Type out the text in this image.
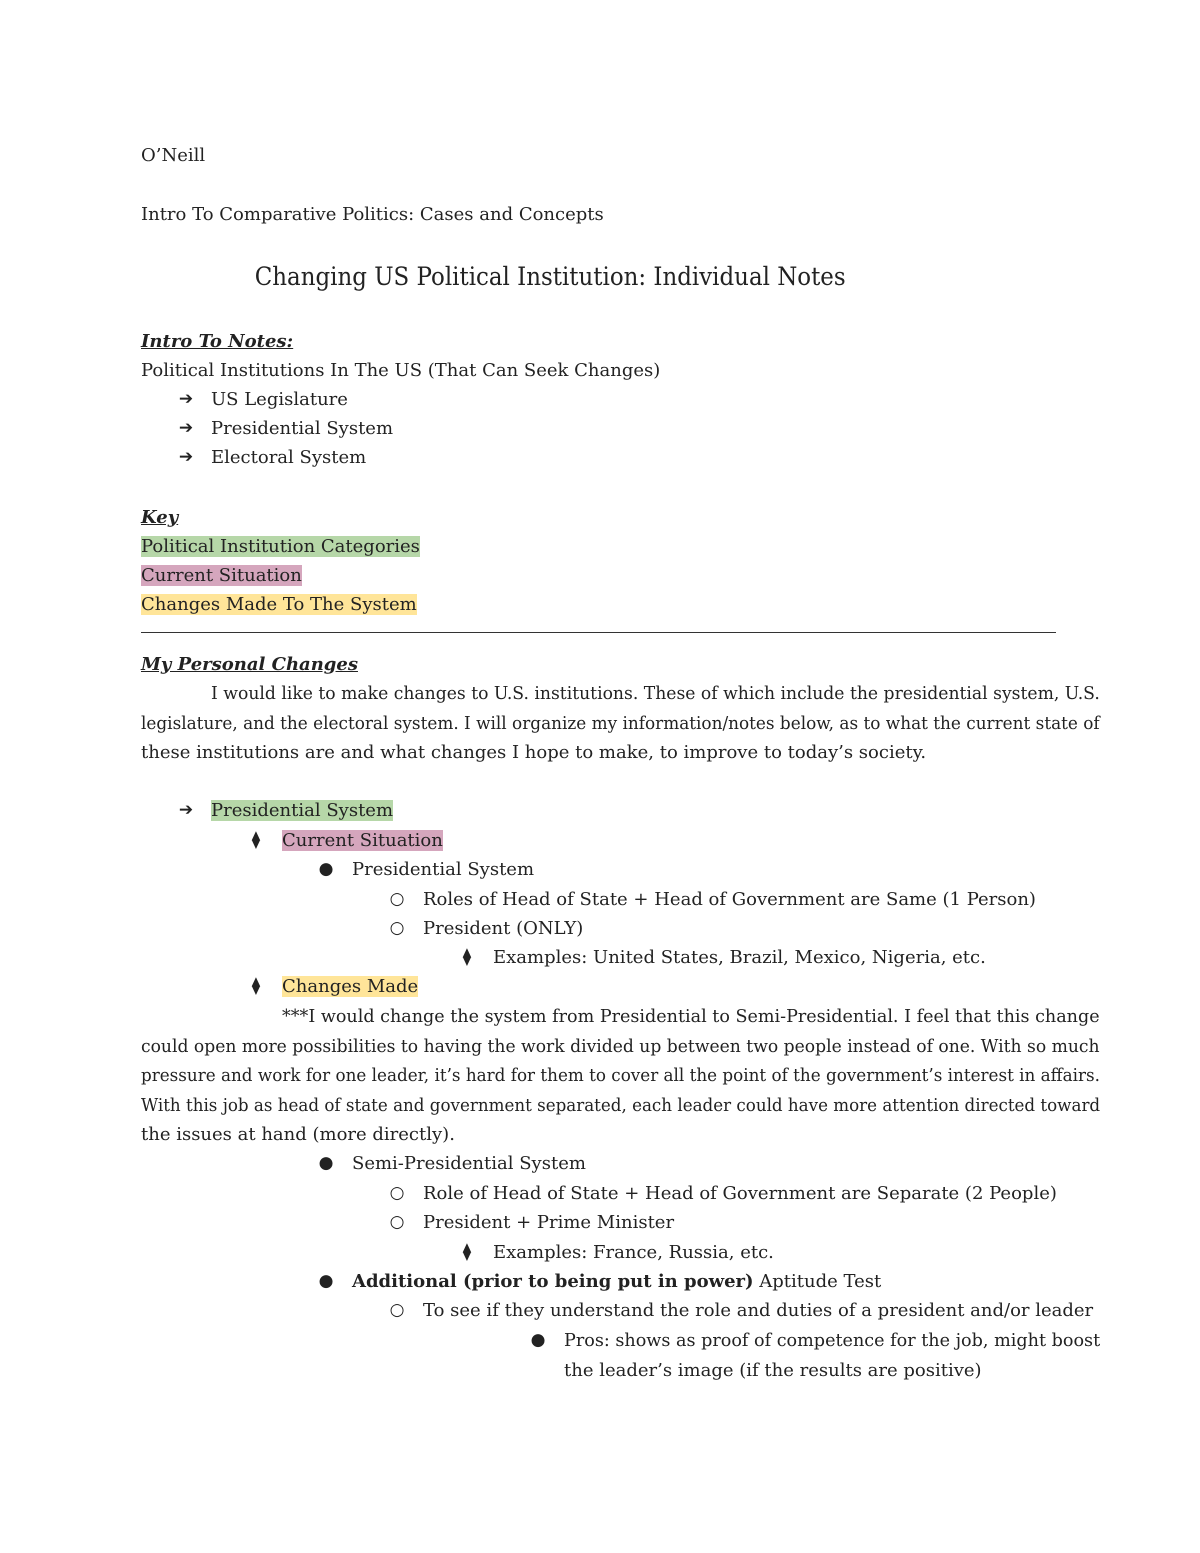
O’Neill
Intro To Comparative Politics: Cases and Concepts
Changing US Political Institution: Individual Notes
Intro To Notes:
Political Institutions In The US (That Can Seek Changes)
➔ US Legislature
➔ Presidential System
➔ Electoral System
Key
Political Institution Categories
Current Situation
Changes Made To The System
My Personal Changes
I would like to make changes to U.S. institutions. These of which include the presidential system, U.S.
legislature, and the electoral system. I will organize my information/notes below, as to what the current state of
these institutions are and what changes I hope to make, to improve to today’s society.
➔ Presidential System
⧫	Current Situation
● Presidential System
○ Roles of Head of State + Head of Government are Same (1 Person)
○ President (ONLY)
⧫	Examples: United States, Brazil, Mexico, Nigeria, etc.
⧫	Changes Made
***I would change the system from Presidential to Semi-Presidential. I feel that this change
could open more possibilities to having the work divided up between two people instead of one. With so much
pressure and work for one leader, it’s hard for them to cover all the point of the government’s interest in affairs.
With this job as head of state and government separated, each leader could have more attention directed toward
the issues at hand (more directly).
● Semi-Presidential System
○ Role of Head of State + Head of Government are Separate (2 People)
○ President + Prime Minister
⧫	Examples: France, Russia, etc.
● Additional (prior to being put in power) Aptitude Test
○ To see if they understand the role and duties of a president and/or leader
● Pros: shows as proof of competence for the job, might boost
the leader’s image (if the results are positive)
